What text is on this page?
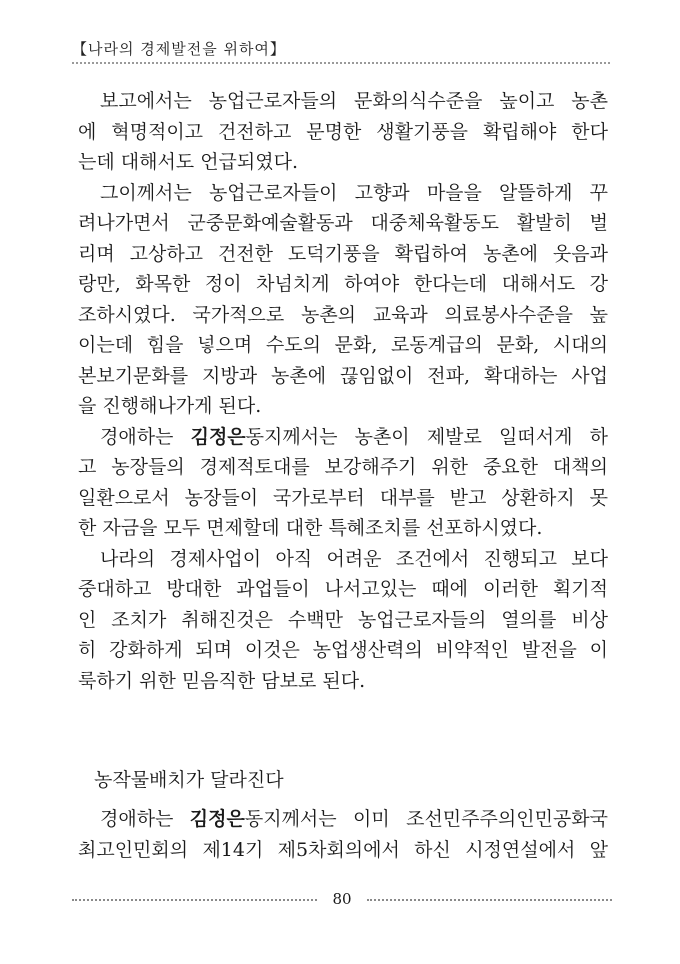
【나라의 경제발전을 위하여】
보고에서는 농업근로자들의 문화의식수준을 높이고 농촌
에 혁명적이고 건전하고 문명한 생활기풍을 확립해야 한다
는데 대해서도 언급되였다.
그이께서는 농업근로자들이 고향과 마을을 알뜰하게 꾸
려나가면서 군중문화예술활동과 대중체육활동도 활발히 벌
리며 고상하고 건전한 도덕기풍을 확립하여 농촌에 웃음과
랑만, 화목한 정이 차넘치게 하여야 한다는데 대해서도 강
조하시였다. 국가적으로 농촌의 교육과 의료봉사수준을 높
이는데 힘을 넣으며 수도의 문화, 로동계급의 문화, 시대의
본보기문화를 지방과 농촌에 끊임없이 전파, 확대하는 사업
을 진행해나가게 된다.
경애하는 김정은동지께서는 농촌이 제발로 일떠서게 하
고 농장들의 경제적토대를 보강해주기 위한 중요한 대책의
일환으로서 농장들이 국가로부터 대부를 받고 상환하지 못
한 자금을 모두 면제할데 대한 특혜조치를 선포하시였다.
나라의 경제사업이 아직 어려운 조건에서 진행되고 보다
중대하고 방대한 과업들이 나서고있는 때에 이러한 획기적
인 조치가 취해진것은 수백만 농업근로자들의 열의를 비상
히 강화하게 되며 이것은 농업생산력의 비약적인 발전을 이
룩하기 위한 믿음직한 담보로 된다.
농작물배치가 달라진다
경애하는 김정은동지께서는 이미 조선민주주의인민공화국
최고인민회의 제14기 제5차회의에서 하신 시정연설에서 앞
80
